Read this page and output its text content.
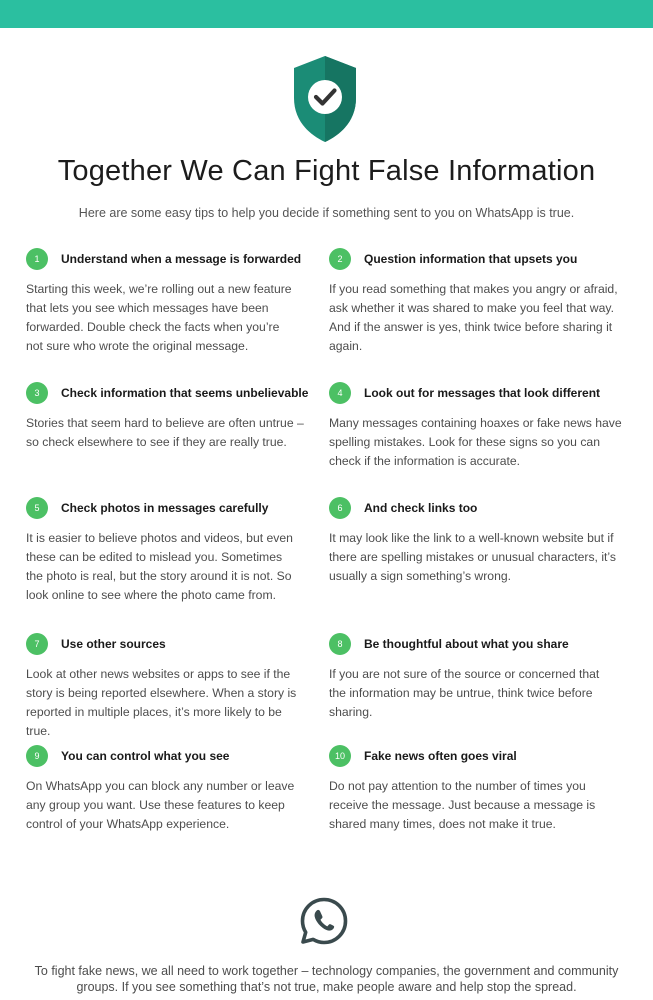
Together We Can Fight False Information
Here are some easy tips to help you decide if something sent to you on WhatsApp is true.
1	Understand when a message is forwarded
Starting this week, we’re rolling out a new feature that lets you see which messages have been forwarded. Double check the facts when you’re not sure who wrote the original message.
2	Question information that upsets you
If you read something that makes you angry or afraid, ask whether it was shared to make you feel that way. And if the answer is yes, think twice before sharing it again.
3	Check information that seems unbelievable
Stories that seem hard to believe are often untrue – so check elsewhere to see if they are really true.
4	Look out for messages that look different
Many messages containing hoaxes or fake news have spelling mistakes. Look for these signs so you can check if the information is accurate.
5	Check photos in messages carefully
It is easier to believe photos and videos, but even these can be edited to mislead you. Sometimes the photo is real, but the story around it is not. So look online to see where the photo came from.
6	And check links too
It may look like the link to a well-known website but if there are spelling mistakes or unusual characters, it’s usually a sign something’s wrong.
7	Use other sources
Look at other news websites or apps to see if the story is being reported elsewhere. When a story is reported in multiple places, it’s more likely to be true.
8	Be thoughtful about what you share
If you are not sure of the source or concerned that the information may be untrue, think twice before sharing.
9	You can control what you see
On WhatsApp you can block any number or leave any group you want. Use these features to keep control of your WhatsApp experience.
10	Fake news often goes viral
Do not pay attention to the number of times you receive the message. Just because a message is shared many times, does not make it true.
To fight fake news, we all need to work together – technology companies, the government and community groups. If you see something that’s not true, make people aware and help stop the spread.
